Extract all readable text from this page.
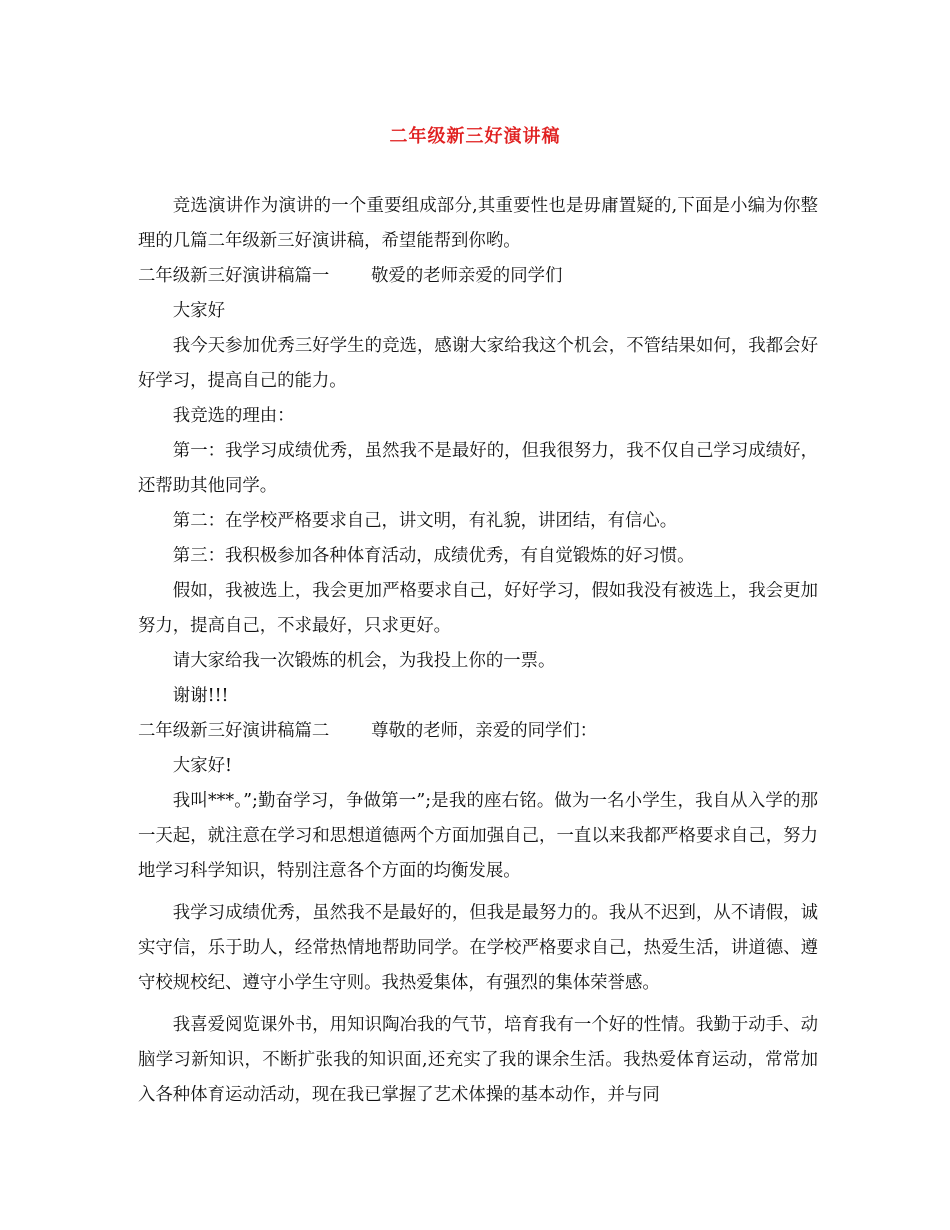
二年级新三好演讲稿

竞选演讲作为演讲的一个重要组成部分,其重要性也是毋庸置疑的,下面是小编为你整理的几篇二年级新三好演讲稿，希望能帮到你哟。

二年级新三好演讲稿篇一 敬爱的老师亲爱的同学们

大家好

我今天参加优秀三好学生的竞选，感谢大家给我这个机会，不管结果如何，我都会好好学习，提高自己的能力。

我竞选的理由：

第一：我学习成绩优秀，虽然我不是最好的，但我很努力，我不仅自己学习成绩好，还帮助其他同学。

第二：在学校严格要求自己，讲文明，有礼貌，讲团结，有信心。

第三：我积极参加各种体育活动，成绩优秀，有自觉锻炼的好习惯。

假如，我被选上，我会更加严格要求自己，好好学习，假如我没有被选上，我会更加努力，提高自己，不求最好，只求更好。

请大家给我一次锻炼的机会，为我投上你的一票。

谢谢!!!

二年级新三好演讲稿篇二 尊敬的老师，亲爱的同学们：

大家好!

我叫***。”;勤奋学习，争做第一”;是我的座右铭。做为一名小学生，我自从入学的那一天起，就注意在学习和思想道德两个方面加强自己，一直以来我都严格要求自己，努力地学习科学知识，特别注意各个方面的均衡发展。

我学习成绩优秀，虽然我不是最好的，但我是最努力的。我从不迟到，从不请假，诚实守信，乐于助人，经常热情地帮助同学。在学校严格要求自己，热爱生活，讲道德、遵守校规校纪、遵守小学生守则。我热爱集体，有强烈的集体荣誉感。

我喜爱阅览课外书，用知识陶冶我的气节，培育我有一个好的性情。我勤于动手、动脑学习新知识，不断扩张我的知识面,还充实了我的课余生活。我热爱体育运动，常常加入各种体育运动活动，现在我已掌握了艺术体操的基本动作，并与同
